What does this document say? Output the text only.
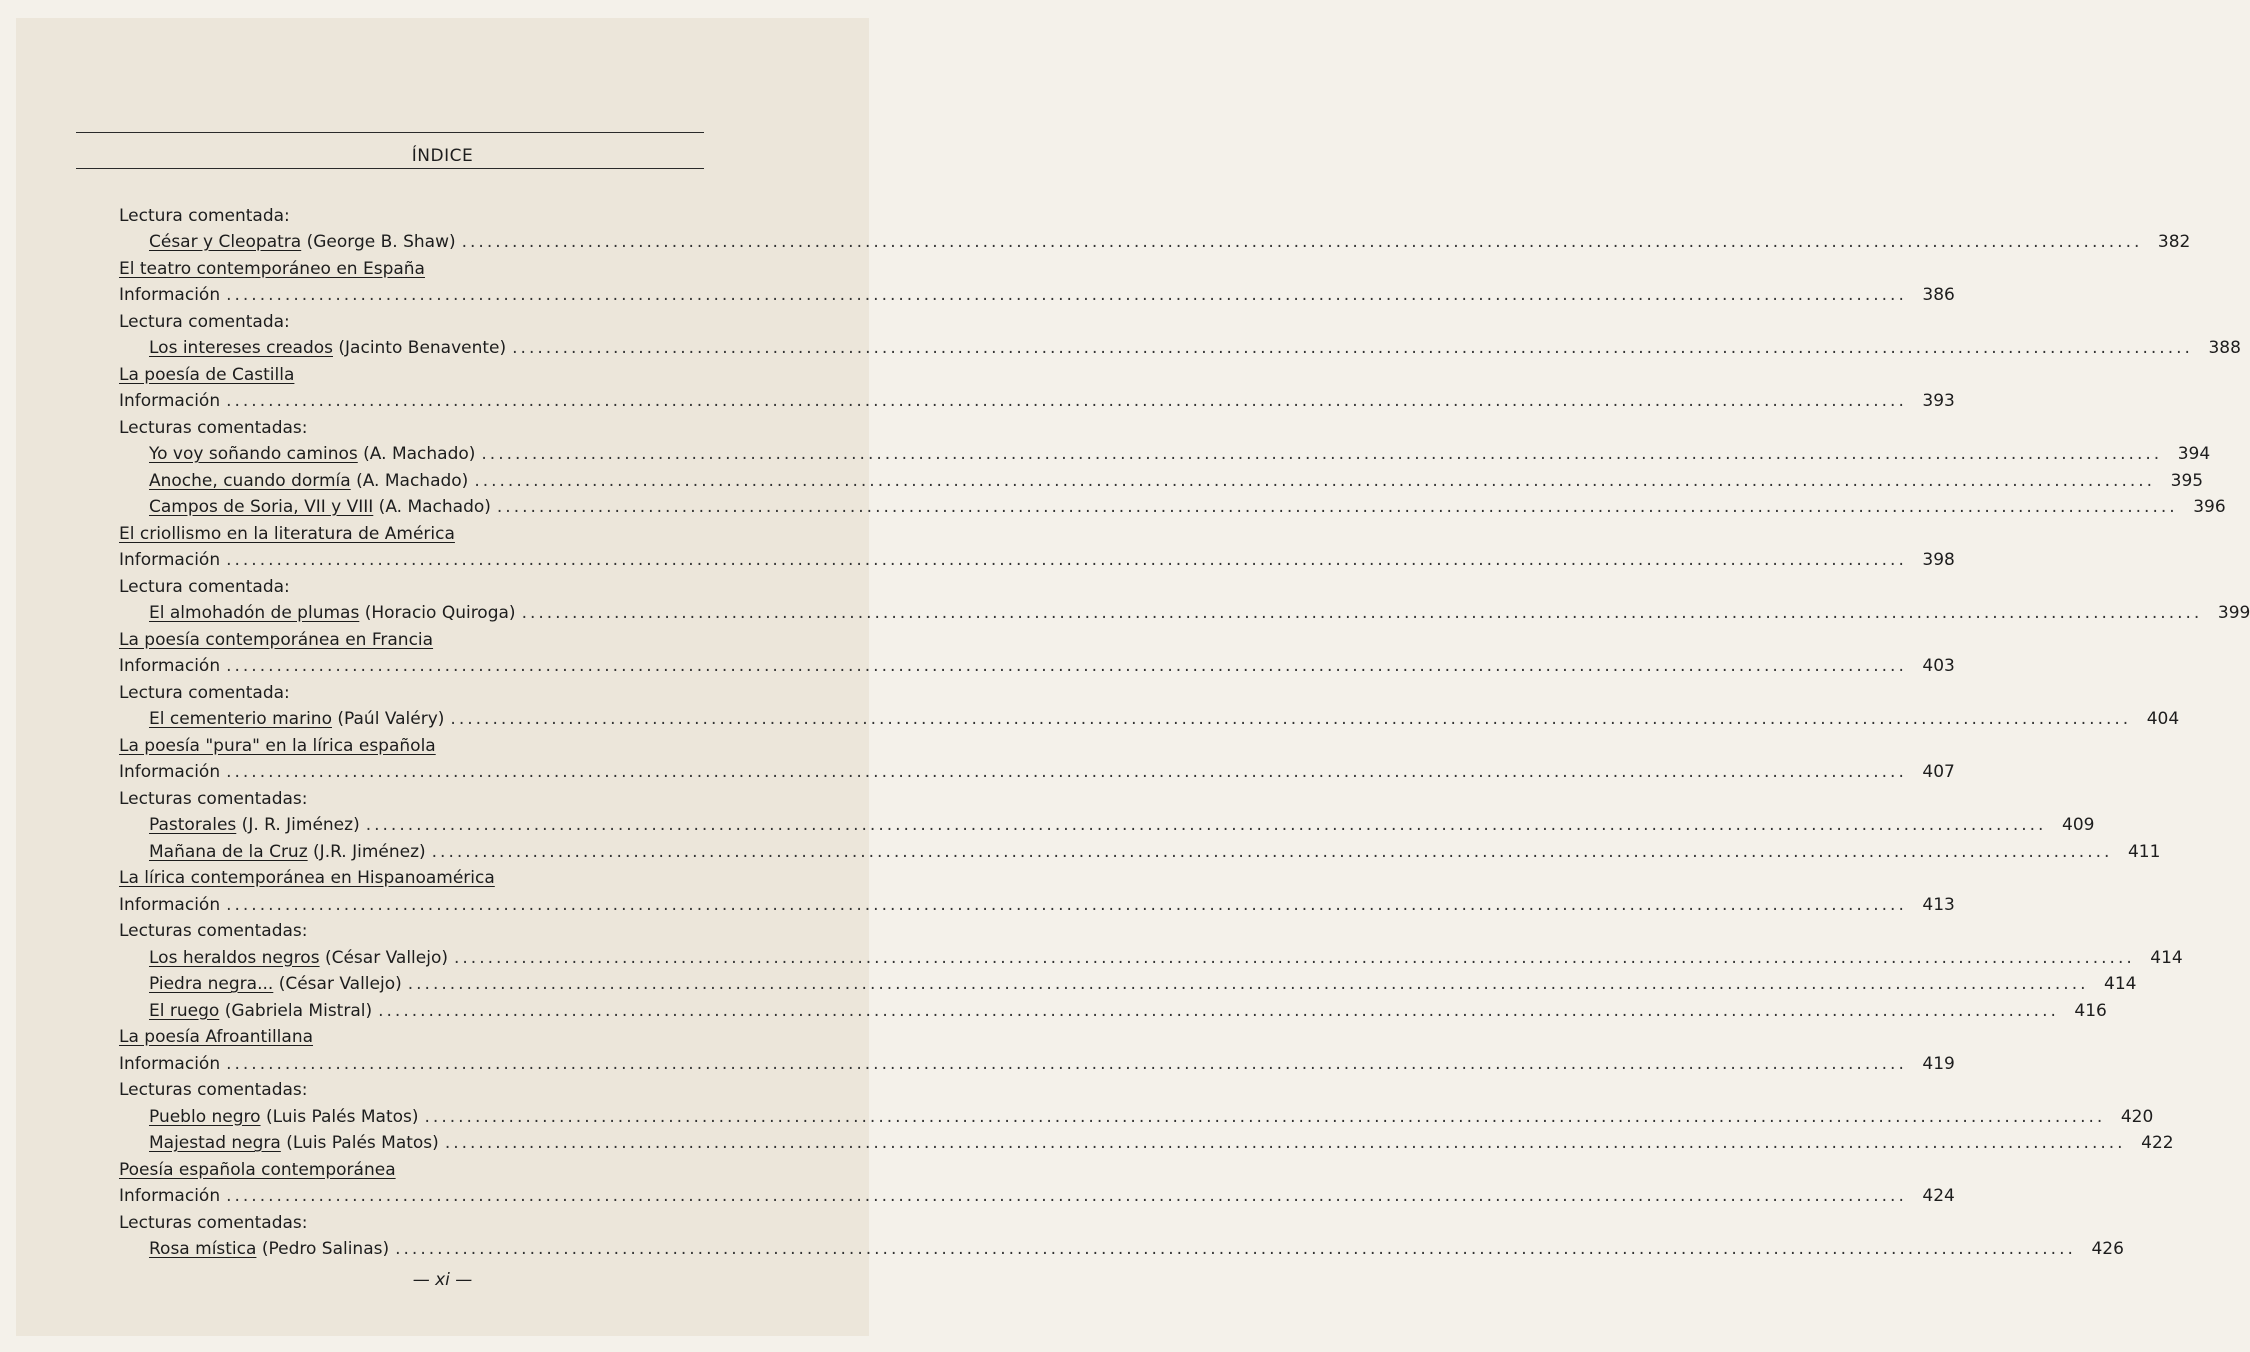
ÍNDICE
Lectura comentada:
César y Cleopatra (George B. Shaw) ........................................................................................................................................................................................................ 382
El teatro contemporáneo en España
Información ........................................................................................................................................................................................................ 386
Lectura comentada:
Los intereses creados (Jacinto Benavente) ........................................................................................................................................................................................................ 388
La poesía de Castilla
Información ........................................................................................................................................................................................................ 393
Lecturas comentadas:
Yo voy soñando caminos (A. Machado) ........................................................................................................................................................................................................ 394
Anoche, cuando dormía (A. Machado) ........................................................................................................................................................................................................ 395
Campos de Soria, VII y VIII (A. Machado) ........................................................................................................................................................................................................ 396
El criollismo en la literatura de América
Información ........................................................................................................................................................................................................ 398
Lectura comentada:
El almohadón de plumas (Horacio Quiroga) ........................................................................................................................................................................................................ 399
La poesía contemporánea en Francia
Información ........................................................................................................................................................................................................ 403
Lectura comentada:
El cementerio marino (Paúl Valéry) ........................................................................................................................................................................................................ 404
La poesía "pura" en la lírica española
Información ........................................................................................................................................................................................................ 407
Lecturas comentadas:
Pastorales (J. R. Jiménez) ........................................................................................................................................................................................................ 409
Mañana de la Cruz (J.R. Jiménez) ........................................................................................................................................................................................................ 411
La lírica contemporánea en Hispanoamérica
Información ........................................................................................................................................................................................................ 413
Lecturas comentadas:
Los heraldos negros (César Vallejo) ........................................................................................................................................................................................................ 414
Piedra negra... (César Vallejo) ........................................................................................................................................................................................................ 414
El ruego (Gabriela Mistral) ........................................................................................................................................................................................................ 416
La poesía Afroantillana
Información ........................................................................................................................................................................................................ 419
Lecturas comentadas:
Pueblo negro (Luis Palés Matos) ........................................................................................................................................................................................................ 420
Majestad negra (Luis Palés Matos) ........................................................................................................................................................................................................ 422
Poesía española contemporánea
Información ........................................................................................................................................................................................................ 424
Lecturas comentadas:
Rosa mística (Pedro Salinas) ........................................................................................................................................................................................................ 426
— xi —
